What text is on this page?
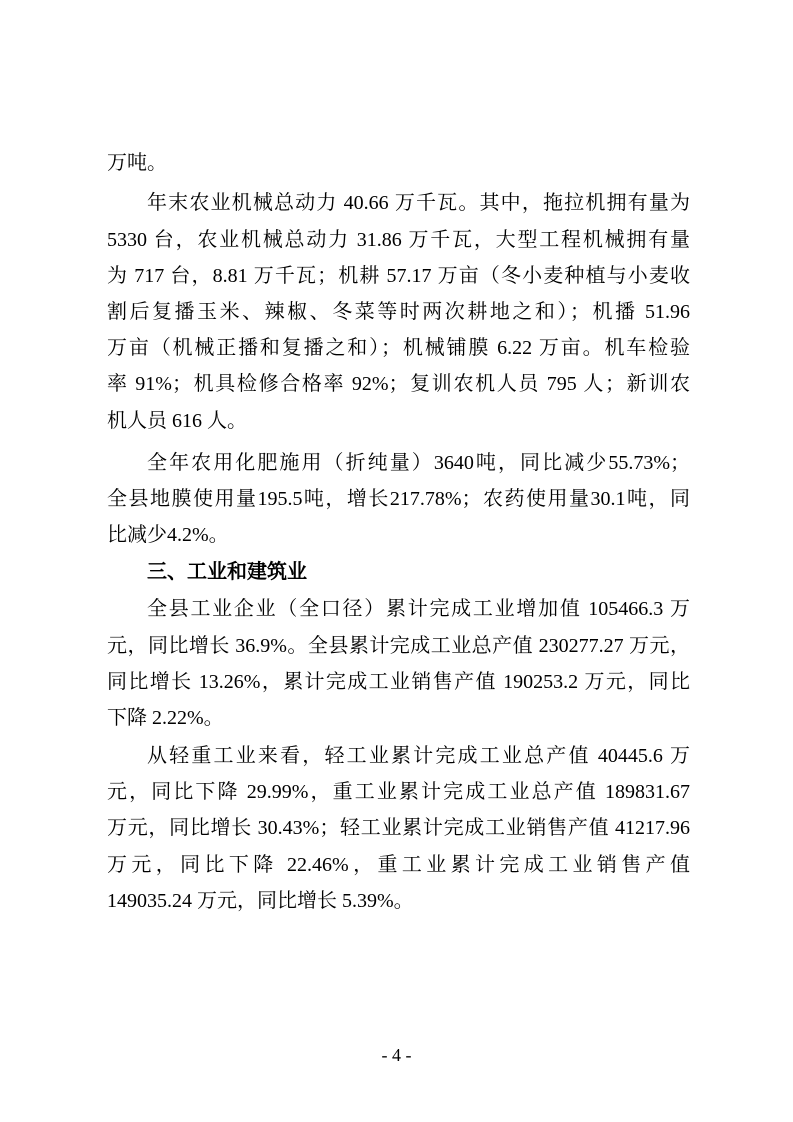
万吨。
年末农业机械总动力 40.66 万千瓦。其中，拖拉机拥有量为
5330 台，农业机械总动力 31.86 万千瓦，大型工程机械拥有量
为 717 台，8.81 万千瓦；机耕 57.17 万亩（冬小麦种植与小麦收
割后复播玉米、辣椒、冬菜等时两次耕地之和）；机播 51.96
万亩（机械正播和复播之和）；机械铺膜 6.22 万亩。机车检验
率 91%；机具检修合格率 92%；复训农机人员 795 人；新训农
机人员 616 人。
全年农用化肥施用（折纯量）3640吨，同比减少55.73%；
全县地膜使用量195.5吨，增长217.78%；农药使用量30.1吨，同
比减少4.2%。
三、工业和建筑业
全县工业企业（全口径）累计完成工业增加值 105466.3 万
元，同比增长 36.9%。全县累计完成工业总产值 230277.27 万元，
同比增长 13.26%，累计完成工业销售产值 190253.2 万元，同比
下降 2.22%。
从轻重工业来看，轻工业累计完成工业总产值 40445.6 万
元，同比下降 29.99%，重工业累计完成工业总产值 189831.67
万元，同比增长 30.43%；轻工业累计完成工业销售产值 41217.96
万元，同比下降 22.46%，重工业累计完成工业销售产值
149035.24 万元，同比增长 5.39%。
- 4 -
